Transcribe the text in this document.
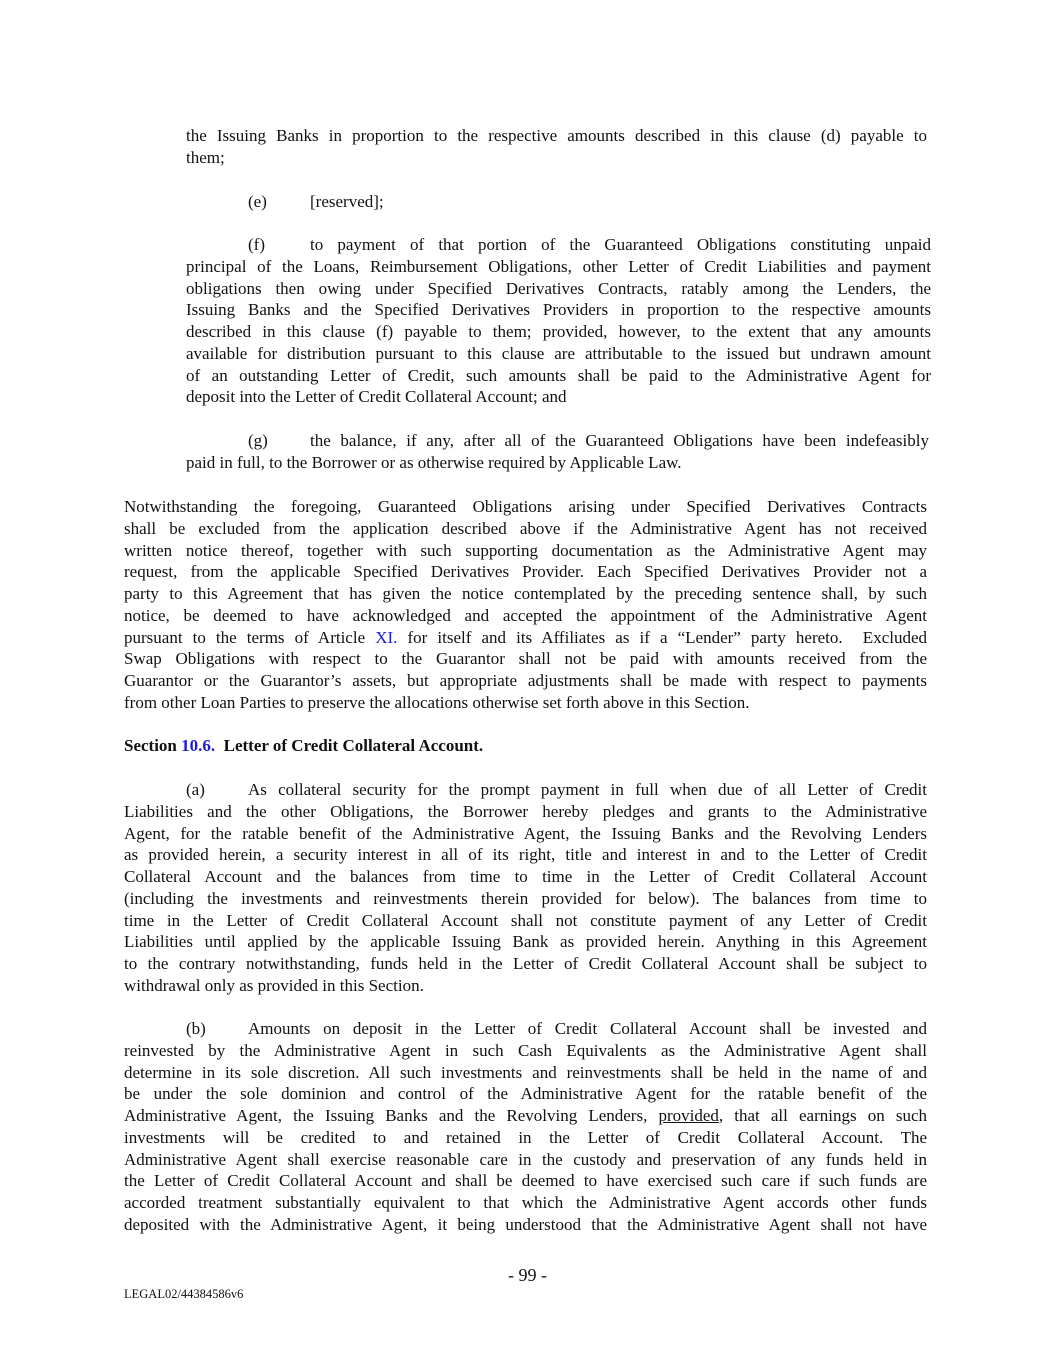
Section 10.6.  Letter of Credit Collateral Account.
- 99 -
LEGAL02/44384586v6
the Issuing Banks in proportion to the respective amounts described in this clause (d) payable to
them;
(e)	[reserved];
(f)	to payment of that portion of the Guaranteed Obligations constituting unpaid
principal of the Loans, Reimbursement Obligations, other Letter of Credit Liabilities and payment
obligations then owing under Specified Derivatives Contracts, ratably among the Lenders, the
Issuing Banks and the Specified Derivatives Providers in proportion to the respective amounts
described in this clause (f) payable to them; provided, however, to the extent that any amounts
available for distribution pursuant to this clause are attributable to the issued but undrawn amount
of an outstanding Letter of Credit, such amounts shall be paid to the Administrative Agent for
deposit into the Letter of Credit Collateral Account; and
(g) the balance, if any, after all of the Guaranteed Obligations have been indefeasibly
paid in full, to the Borrower or as otherwise required by Applicable Law.
Notwithstanding the foregoing, Guaranteed Obligations arising under Specified Derivatives Contracts
shall be excluded from the application described above if the Administrative Agent has not received
written notice thereof, together with such supporting documentation as the Administrative Agent may
request, from the applicable Specified Derivatives Provider. Each Specified Derivatives Provider not a
party to this Agreement that has given the notice contemplated by the preceding sentence shall, by such
notice, be deemed to have acknowledged and accepted the appointment of the Administrative Agent
pursuant to the terms of Article XI. for itself and its Affiliates as if a “Lender” party hereto.  Excluded
Swap Obligations with respect to the Guarantor shall not be paid with amounts received from the
Guarantor or the Guarantor’s assets, but appropriate adjustments shall be made with respect to payments
from other Loan Parties to preserve the allocations otherwise set forth above in this Section.
(a)	As collateral security for the prompt payment in full when due of all Letter of Credit
Liabilities and the other Obligations, the Borrower hereby pledges and grants to the Administrative
Agent, for the ratable benefit of the Administrative Agent, the Issuing Banks and the Revolving Lenders
as provided herein, a security interest in all of its right, title and interest in and to the Letter of Credit
Collateral Account and the balances from time to time in the Letter of Credit Collateral Account
(including the investments and reinvestments therein provided for below). The balances from time to
time in the Letter of Credit Collateral Account shall not constitute payment of any Letter of Credit
Liabilities until applied by the applicable Issuing Bank as provided herein. Anything in this Agreement
to the contrary notwithstanding, funds held in the Letter of Credit Collateral Account shall be subject to
withdrawal only as provided in this Section.
(b) Amounts on deposit in the Letter of Credit Collateral Account shall be invested and
reinvested by the Administrative Agent in such Cash Equivalents as the Administrative Agent shall
determine in its sole discretion. All such investments and reinvestments shall be held in the name of and
be under the sole dominion and control of the Administrative Agent for the ratable benefit of the
Administrative Agent, the Issuing Banks and the Revolving Lenders, provided, that all earnings on such
investments will be credited to and retained in the Letter of Credit Collateral Account. The
Administrative Agent shall exercise reasonable care in the custody and preservation of any funds held in
the Letter of Credit Collateral Account and shall be deemed to have exercised such care if such funds are
accorded treatment substantially equivalent to that which the Administrative Agent accords other funds
deposited with the Administrative Agent, it being understood that the Administrative Agent shall not have
